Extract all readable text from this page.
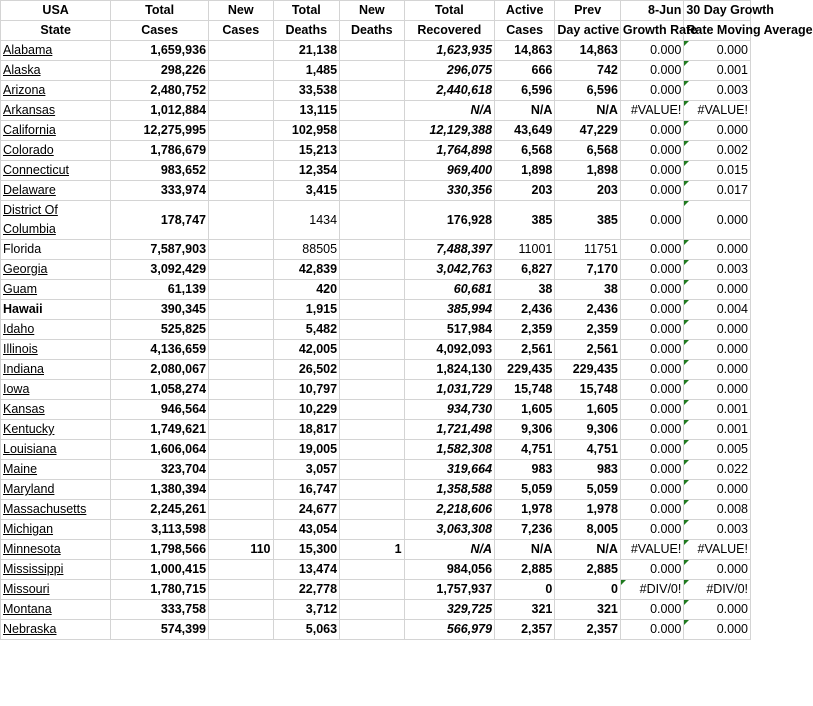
USA	Total	New	Total	New	Total	Active	Prev	8-Jun	30 Day Growth
State	Cases	Cases	Deaths	Deaths	Recovered	Cases	Day active	Growth Rate	Rate Moving Average
Alabama	1,659,936		21,138		1,623,935	14,863	14,863	0.000	0.000
Alaska	298,226		1,485		296,075	666	742	0.000	0.001
Arizona	2,480,752		33,538		2,440,618	6,596	6,596	0.000	0.003
Arkansas	1,012,884		13,115		N/A	N/A	N/A	#VALUE!	#VALUE!
California	12,275,995		102,958		12,129,388	43,649	47,229	0.000	0.000
Colorado	1,786,679		15,213		1,764,898	6,568	6,568	0.000	0.002
Connecticut	983,652		12,354		969,400	1,898	1,898	0.000	0.015
Delaware	333,974		3,415		330,356	203	203	0.000	0.017
District Of Columbia	178,747		1434		176,928	385	385	0.000	0.000
Florida	7,587,903		88505		7,488,397	11001	11751	0.000	0.000
Georgia	3,092,429		42,839		3,042,763	6,827	7,170	0.000	0.003
Guam	61,139		420		60,681	38	38	0.000	0.000
Hawaii	390,345		1,915		385,994	2,436	2,436	0.000	0.004
Idaho	525,825		5,482		517,984	2,359	2,359	0.000	0.000
Illinois	4,136,659		42,005		4,092,093	2,561	2,561	0.000	0.000
Indiana	2,080,067		26,502		1,824,130	229,435	229,435	0.000	0.000
Iowa	1,058,274		10,797		1,031,729	15,748	15,748	0.000	0.000
Kansas	946,564		10,229		934,730	1,605	1,605	0.000	0.001
Kentucky	1,749,621		18,817		1,721,498	9,306	9,306	0.000	0.001
Louisiana	1,606,064		19,005		1,582,308	4,751	4,751	0.000	0.005
Maine	323,704		3,057		319,664	983	983	0.000	0.022
Maryland	1,380,394		16,747		1,358,588	5,059	5,059	0.000	0.000
Massachusetts	2,245,261		24,677		2,218,606	1,978	1,978	0.000	0.008
Michigan	3,113,598		43,054		3,063,308	7,236	8,005	0.000	0.003
Minnesota	1,798,566	110	15,300	1	N/A	N/A	N/A	#VALUE!	#VALUE!
Mississippi	1,000,415		13,474		984,056	2,885	2,885	0.000	0.000
Missouri	1,780,715		22,778		1,757,937	0	0	#DIV/0!	#DIV/0!
Montana	333,758		3,712		329,725	321	321	0.000	0.000
Nebraska	574,399		5,063		566,979	2,357	2,357	0.000	0.000
